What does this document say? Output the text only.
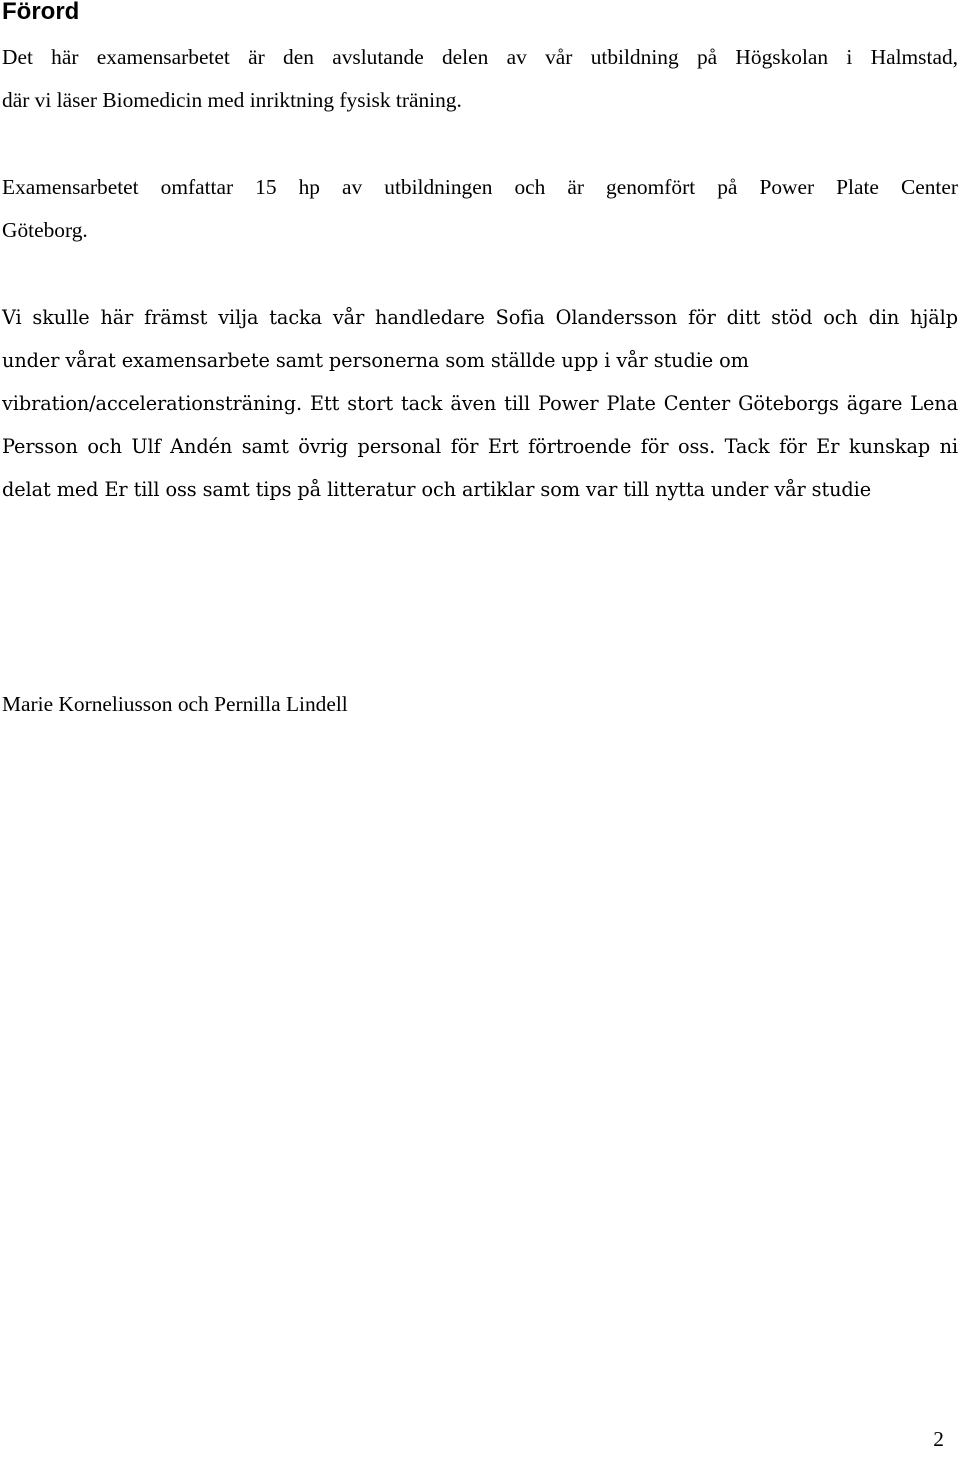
Förord

Det här examensarbetet är den avslutande delen av vår utbildning på Högskolan i Halmstad,
där vi läser Biomedicin med inriktning fysisk träning.

Examensarbetet omfattar 15 hp av utbildningen och är genomfört på Power Plate Center
Göteborg.

Vi skulle här främst vilja tacka vår handledare Sofia Olandersson för ditt stöd och din hjälp
under vårat examensarbete samt personerna som ställde upp i vår studie om
vibration/accelerationsträning. Ett stort tack även till Power Plate Center Göteborgs ägare Lena
Persson och Ulf Andén samt övrig personal för Ert förtroende för oss. Tack för Er kunskap ni
delat med Er till oss samt tips på litteratur och artiklar som var till nytta under vår studie

Marie Korneliusson och Pernilla Lindell

2
